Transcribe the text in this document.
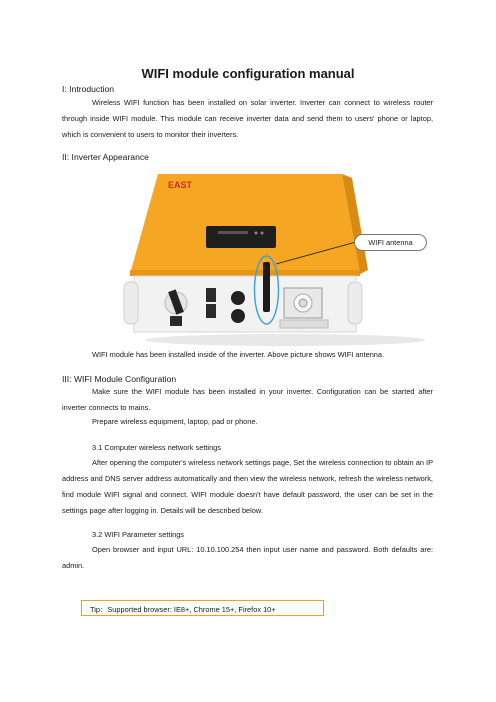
WIFI module configuration manual

I: Introduction

Wireless WIFI function has been installed on solar inverter. Inverter can connect to wireless router through inside WIFI module. This module can receive inverter data and send them to users' phone or laptop, which is convenient to users to monitor their inverters.

II: Inverter Appearance

EAST
WIFI antenna

WIFI module has been installed inside of the inverter. Above picture shows WIFI antenna.

III: WIFI Module Configuration

Make sure the WIFI module has been installed in your inverter. Configuration can be started after inverter connects to mains.

Prepare wireless equipment, laptop, pad or phone.

3.1 Computer wireless network settings

After opening the computer's wireless network settings page, Set the wireless connection to obtain an IP address and DNS server address automatically and then view the wireless network, refresh the wireless network, find module WIFI signal and connect. WIFI module doesn't have default password, the user can be set in the settings page after logging in. Details will be described below.

3.2 WIFI Parameter settings

Open browser and input URL: 10.10.100.254 then input user name and password. Both defaults are: admin.

Tip：Supported browser: IE8+, Chrome 15+, Firefox 10+
